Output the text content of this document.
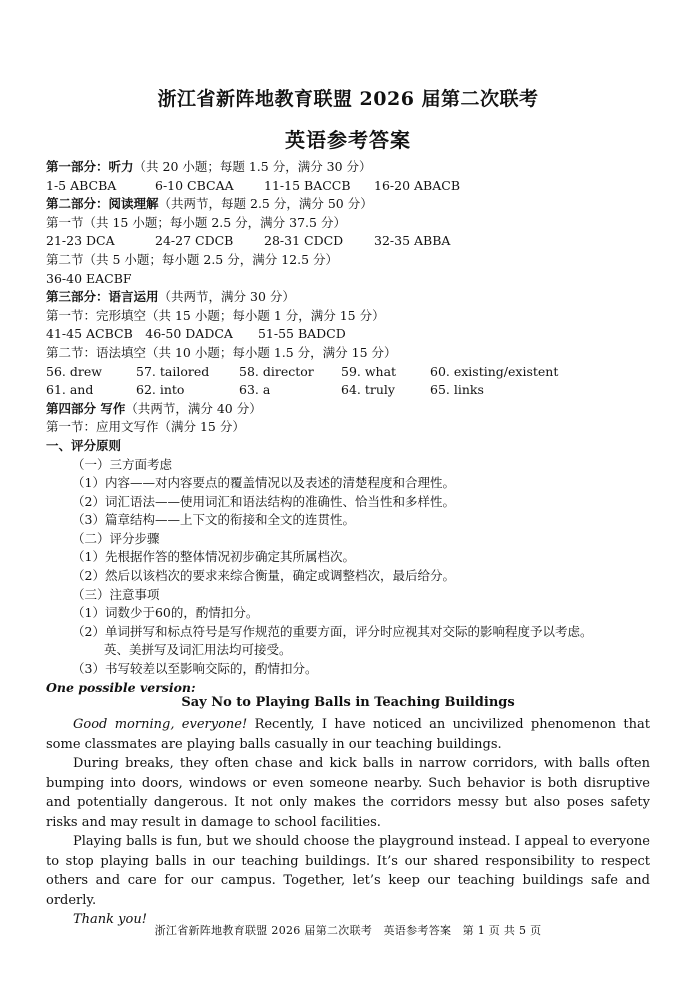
浙江省新阵地教育联盟 2026 届第二次联考
英语参考答案
第一部分：听力（共 20 小题；每题 1.5 分，满分 30 分）
1-5 ABCBA	6-10 CBCAA 11-15 BACCB 16-20 ABACB
第二部分：阅读理解（共两节，每题 2.5 分，满分 50 分）
第一节（共 15 小题；每小题 2.5 分，满分 37.5 分）
21-23 DCA	24-27 CDCB 28-31 CDCD 32-35 ABBA
第二节（共 5 小题；每小题 2.5 分，满分 12.5 分）
36-40 EACBF
第三部分：语言运用（共两节，满分 30 分）
第一节：完形填空（共 15 小题；每小题 1 分，满分 15 分）
41-45 ACBCB　46-50 DADCA　　51-55 BADCD
第二节：语法填空（共 10 小题；每小题 1.5 分，满分 15 分）
56. drew	57. tailored 58. director 59. what	60. existing/existent
61. and	62. into	63. a	64. truly	65. links
第四部分 写作（共两节，满分 40 分）
第一节：应用文写作（满分 15 分）
一、评分原则
（一）三方面考虑
（1）内容——对内容要点的覆盖情况以及表述的清楚程度和合理性。
（2）词汇语法——使用词汇和语法结构的准确性、恰当性和多样性。
（3）篇章结构——上下文的衔接和全文的连贯性。
（二）评分步骤
（1）先根据作答的整体情况初步确定其所属档次。
（2）然后以该档次的要求来综合衡量，确定或调整档次，最后给分。
（三）注意事项
（1）词数少于60的，酌情扣分。
（2）单词拼写和标点符号是写作规范的重要方面，评分时应视其对交际的影响程度予以考虑。
英、美拼写及词汇用法均可接受。
（3）书写较差以至影响交际的，酌情扣分。
One possible version:
Say No to Playing Balls in Teaching Buildings

Good morning, everyone! Recently, I have noticed an uncivilized phenomenon that some classmates are playing balls casually in our teaching buildings.

During breaks, they often chase and kick balls in narrow corridors, with balls often bumping into doors, windows or even someone nearby. Such behavior is both disruptive and potentially dangerous. It not only makes the corridors messy but also poses safety risks and may result in damage to school facilities.

Playing balls is fun, but we should choose the playground instead. I appeal to everyone to stop playing balls in our teaching buildings. It’s our shared responsibility to respect others and care for our campus. Together, let’s keep our teaching buildings safe and orderly.

Thank you!
浙江省新阵地教育联盟 2026 届第二次联考　英语参考答案　第 1 页 共 5 页
